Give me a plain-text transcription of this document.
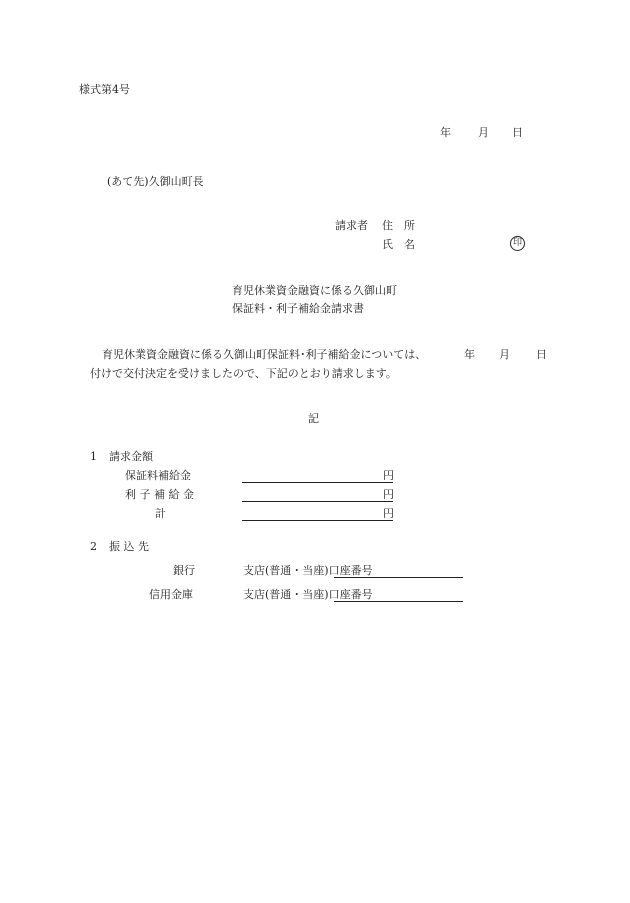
様式第4号
年 月 日
(あて先)久御山町長
請求者 住　所
氏　名	印
育児休業資金融資に係る久御山町
保証料・利子補給金請求書
育児休業資金融資に係る久御山町保証料･利子補給金については、	年 月 日
付けで交付決定を受けましたので、下記のとおり請求します。
記
1 請求金額
保証料補給金	円
利 子 補 給 金	円
計	円
2 振 込 先
銀行	支店(普通・当座)口座番号
信用金庫	支店(普通・当座)口座番号
